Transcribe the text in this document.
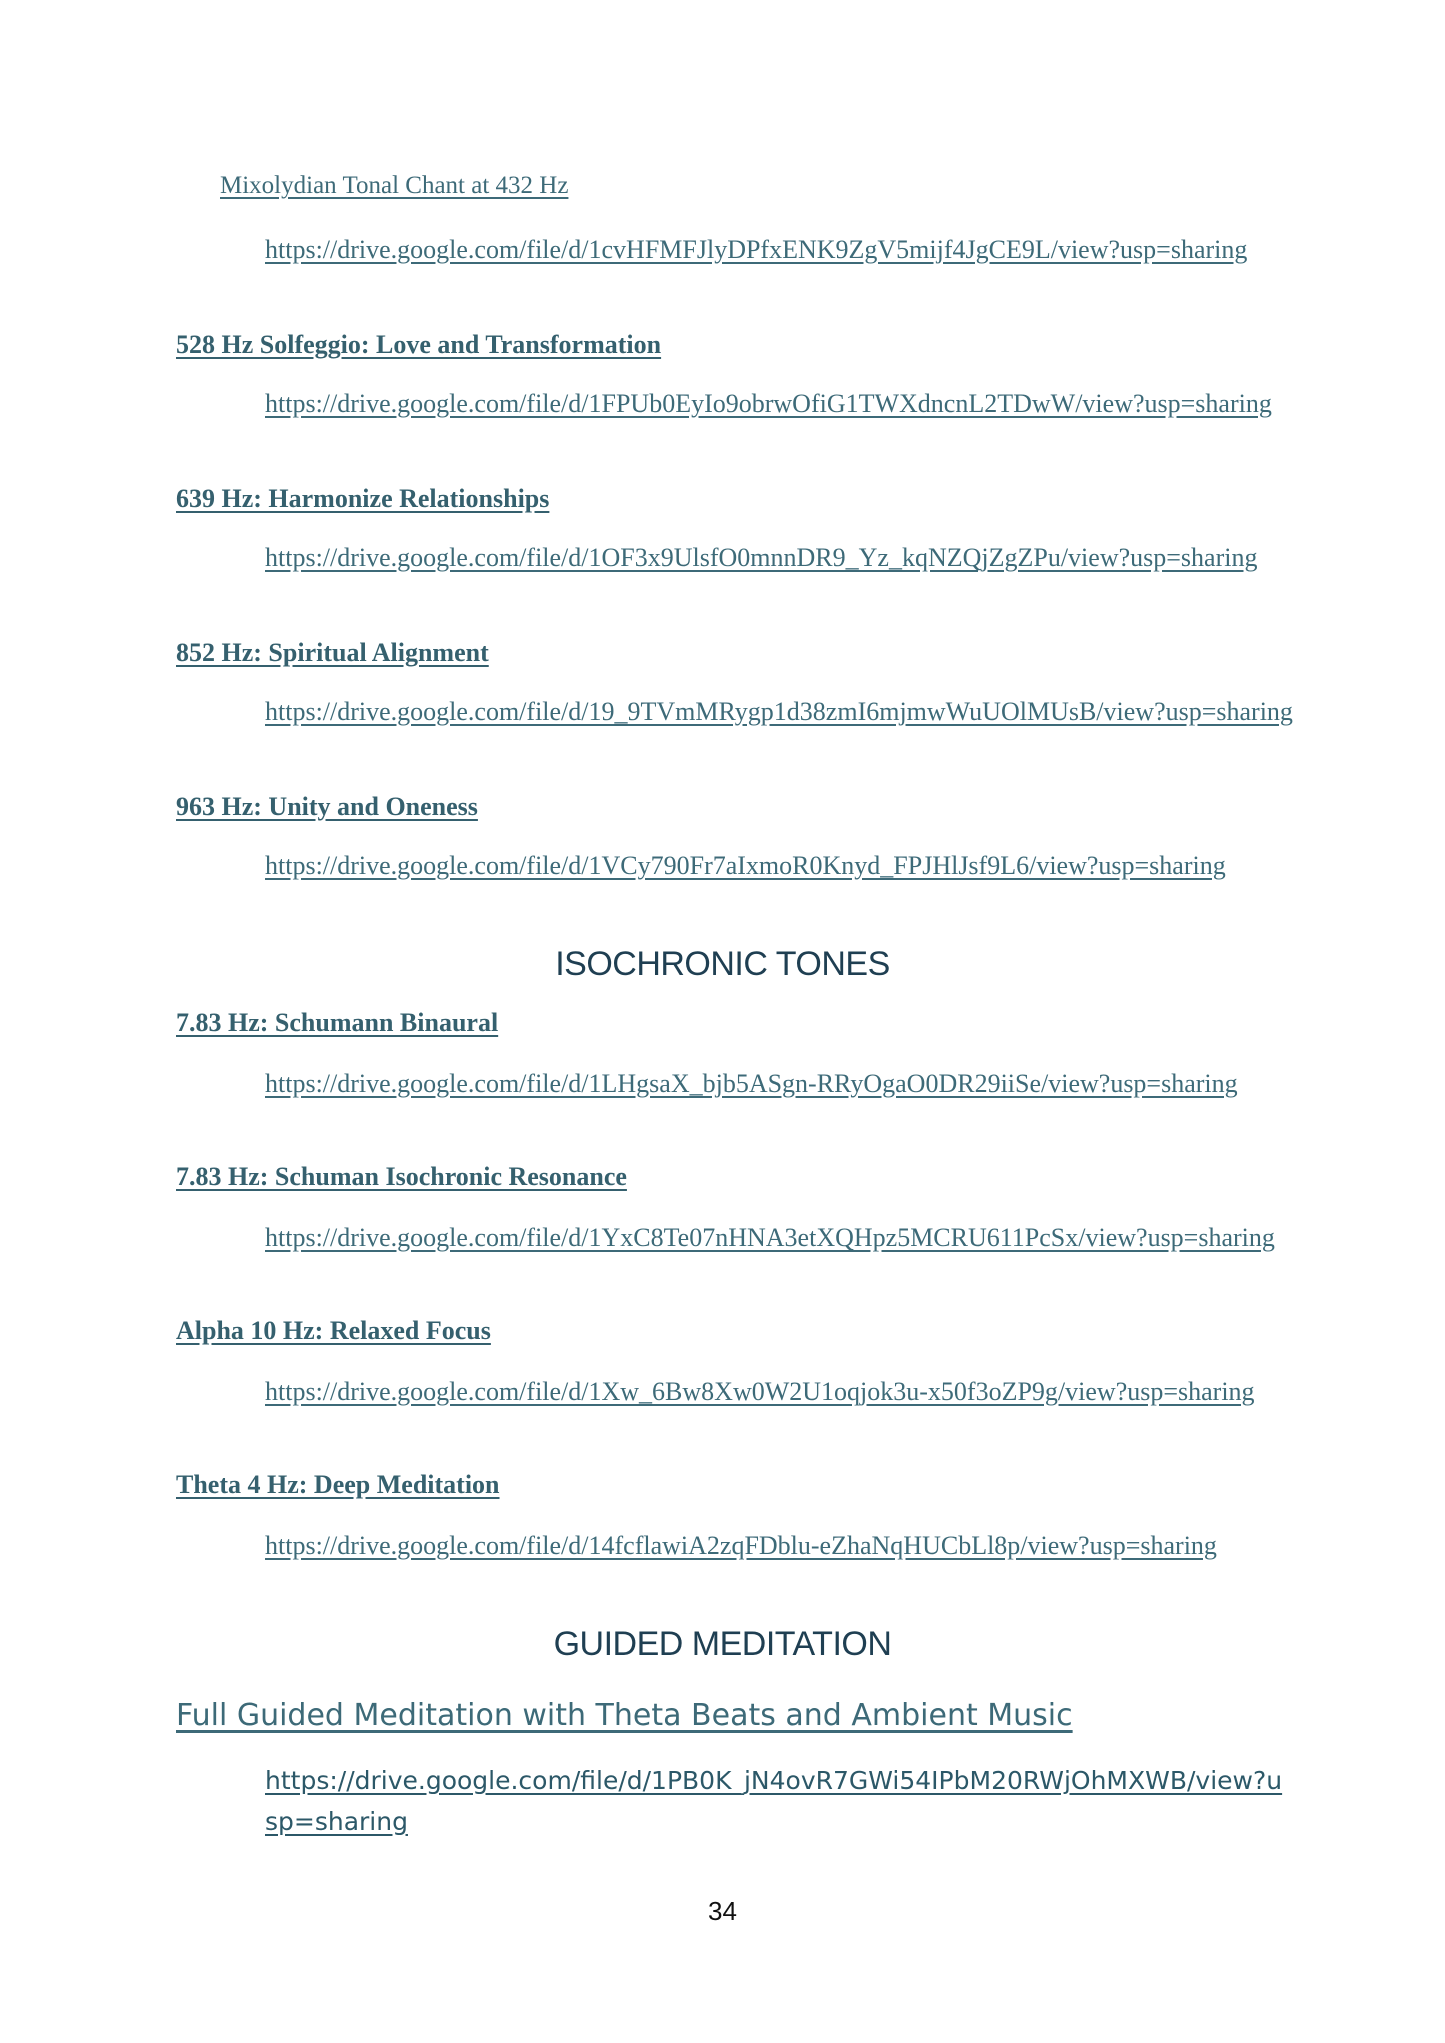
Mixolydian Tonal Chant at 432 Hz

https://drive.google.com/file/d/1cvHFMFJlyDPfxENK9ZgV5mijf4JgCE9L/view?usp=sharing

528 Hz Solfeggio: Love and Transformation

https://drive.google.com/file/d/1FPUb0EyIo9obrwOfiG1TWXdncnL2TDwW/view?usp=sharing

639 Hz: Harmonize Relationships

https://drive.google.com/file/d/1OF3x9UlsfO0mnnDR9_Yz_kqNZQjZgZPu/view?usp=sharing

852 Hz: Spiritual Alignment

https://drive.google.com/file/d/19_9TVmMRygp1d38zmI6mjmwWuUOlMUsB/view?usp=sharing

963 Hz: Unity and Oneness

https://drive.google.com/file/d/1VCy790Fr7aIxmoR0Knyd_FPJHlJsf9L6/view?usp=sharing

ISOCHRONIC TONES

7.83 Hz: Schumann Binaural

https://drive.google.com/file/d/1LHgsaX_bjb5ASgn-RRyOgaO0DR29iiSe/view?usp=sharing

7.83 Hz: Schuman Isochronic Resonance

https://drive.google.com/file/d/1YxC8Te07nHNA3etXQHpz5MCRU611PcSx/view?usp=sharing

Alpha 10 Hz: Relaxed Focus

https://drive.google.com/file/d/1Xw_6Bw8Xw0W2U1oqjok3u-x50f3oZP9g/view?usp=sharing

Theta 4 Hz: Deep Meditation

https://drive.google.com/file/d/14fcflawiA2zqFDblu-eZhaNqHUCbLl8p/view?usp=sharing

GUIDED MEDITATION

Full Guided Meditation with Theta Beats and Ambient Music

https://drive.google.com/file/d/1PB0K_jN4ovR7GWi54IPbM20RWjOhMXWB/view?usp=sharing

34
